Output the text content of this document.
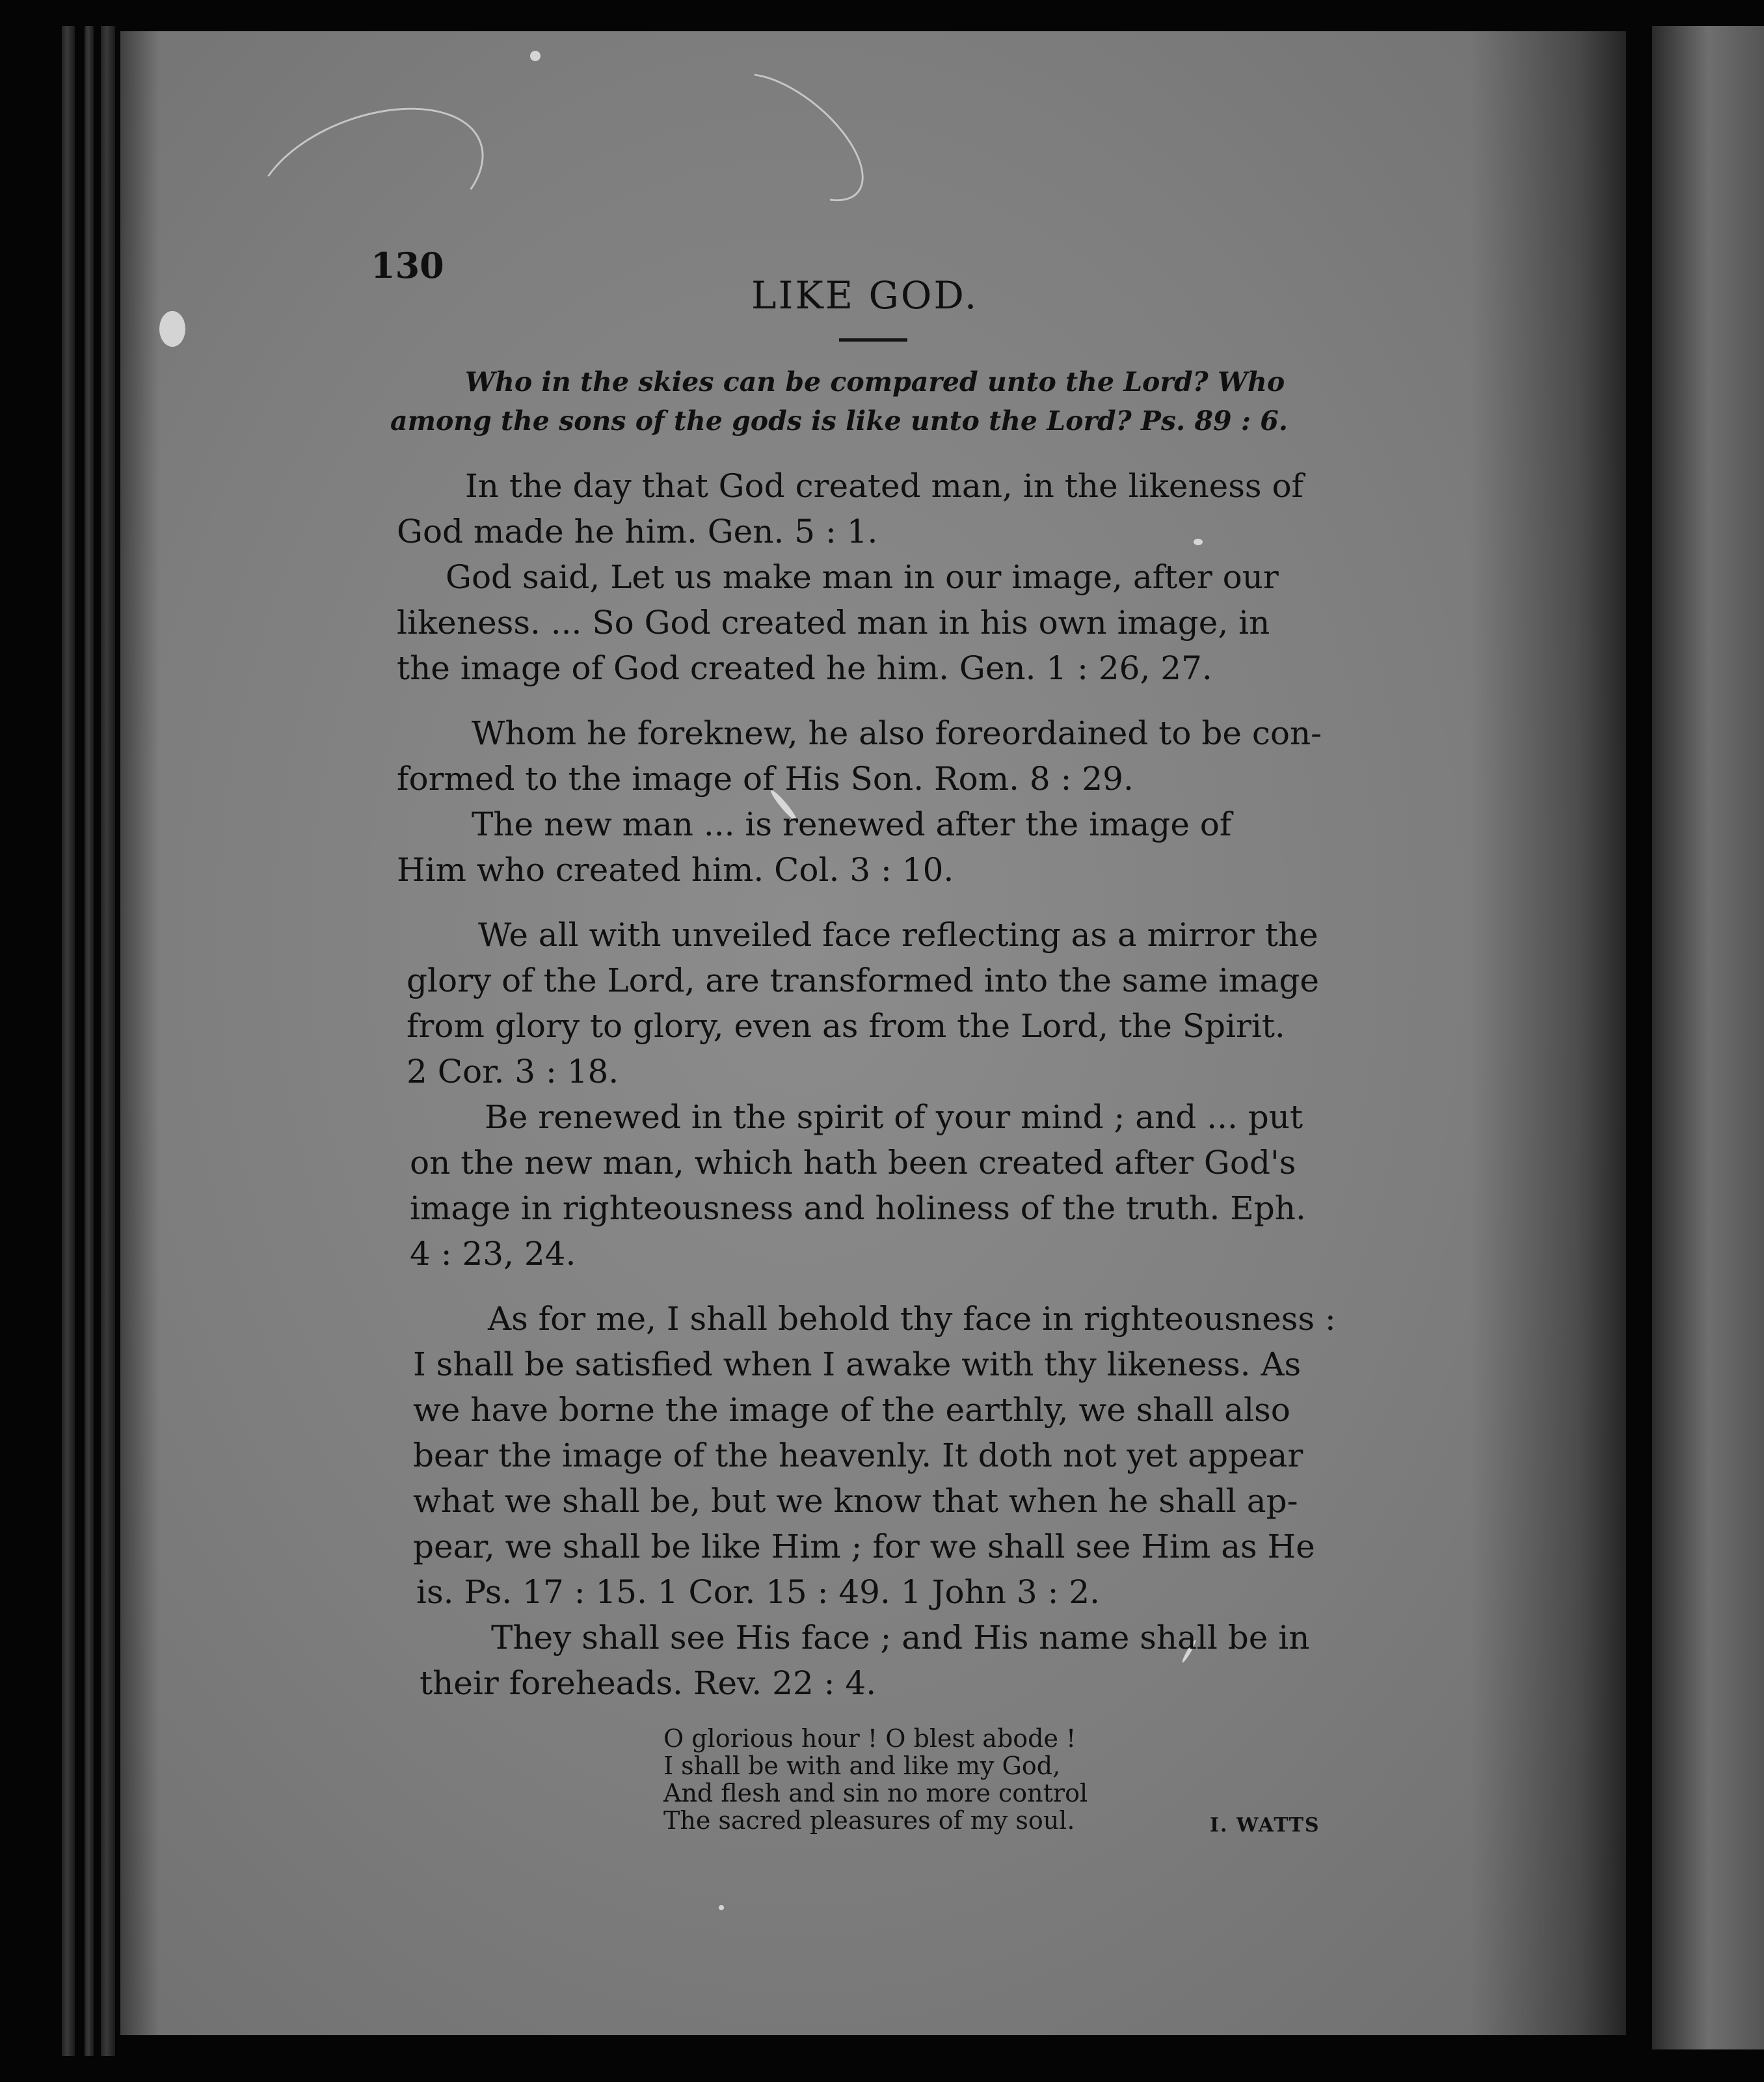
130
LIKE GOD.
Who in the skies can be compared unto the Lord? Who
among the sons of the gods is like unto the Lord? Ps. 89 : 6.
In the day that God created man, in the likeness of
God made he him. Gen. 5 : 1.
God said, Let us make man in our image, after our
likeness. ... So God created man in his own image, in
the image of God created he him. Gen. 1 : 26, 27.
Whom he foreknew, he also foreordained to be con-
formed to the image of His Son. Rom. 8 : 29.
The new man ... is renewed after the image of
Him who created him. Col. 3 : 10.
We all with unveiled face reflecting as a mirror the
glory of the Lord, are transformed into the same image
from glory to glory, even as from the Lord, the Spirit.
2 Cor. 3 : 18.
Be renewed in the spirit of your mind ; and ... put
on the new man, which hath been created after God's
image in righteousness and holiness of the truth. Eph.
4 : 23, 24.
As for me, I shall behold thy face in righteousness :
I shall be satisfied when I awake with thy likeness. As
we have borne the image of the earthly, we shall also
bear the image of the heavenly. It doth not yet appear
what we shall be, but we know that when he shall ap-
pear, we shall be like Him ; for we shall see Him as He
is. Ps. 17 : 15. 1 Cor. 15 : 49. 1 John 3 : 2.
They shall see His face ; and His name shall be in
their foreheads. Rev. 22 : 4.
O glorious hour ! O blest abode !
I shall be with and like my God,
And flesh and sin no more control
The sacred pleasures of my soul.	I. WATTS
